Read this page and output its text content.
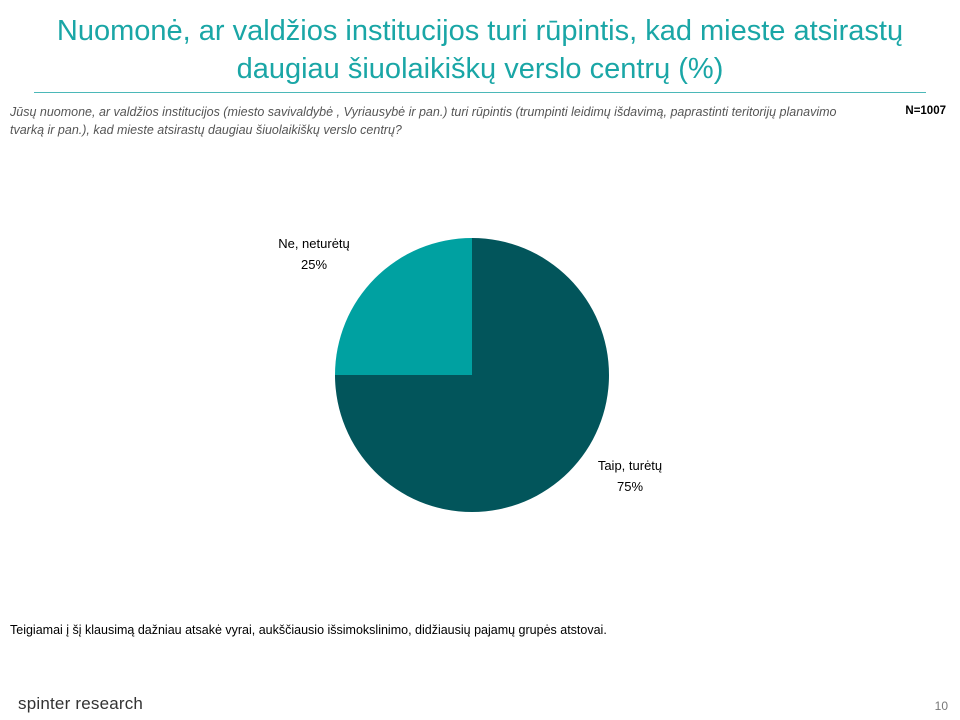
Nuomonė, ar valdžios institucijos turi rūpintis, kad mieste atsirastų daugiau šiuolaikiškų verslo centrų (%)

Jūsų nuomone, ar valdžios institucijos (miesto savivaldybė , Vyriausybė ir pan.) turi rūpintis (trumpinti leidimų išdavimą, paprastinti teritorijų planavimo tvarką ir pan.), kad mieste atsirastų daugiau šiuolaikiškų verslo centrų?

N=1007
Taip, turėtų
75%
Ne, neturėtų
25%

Teigiamai į šį klausimą dažniau atsakė vyrai, aukščiausio išsimokslinimo, didžiausių pajamų grupės atstovai.

spinter research	10
